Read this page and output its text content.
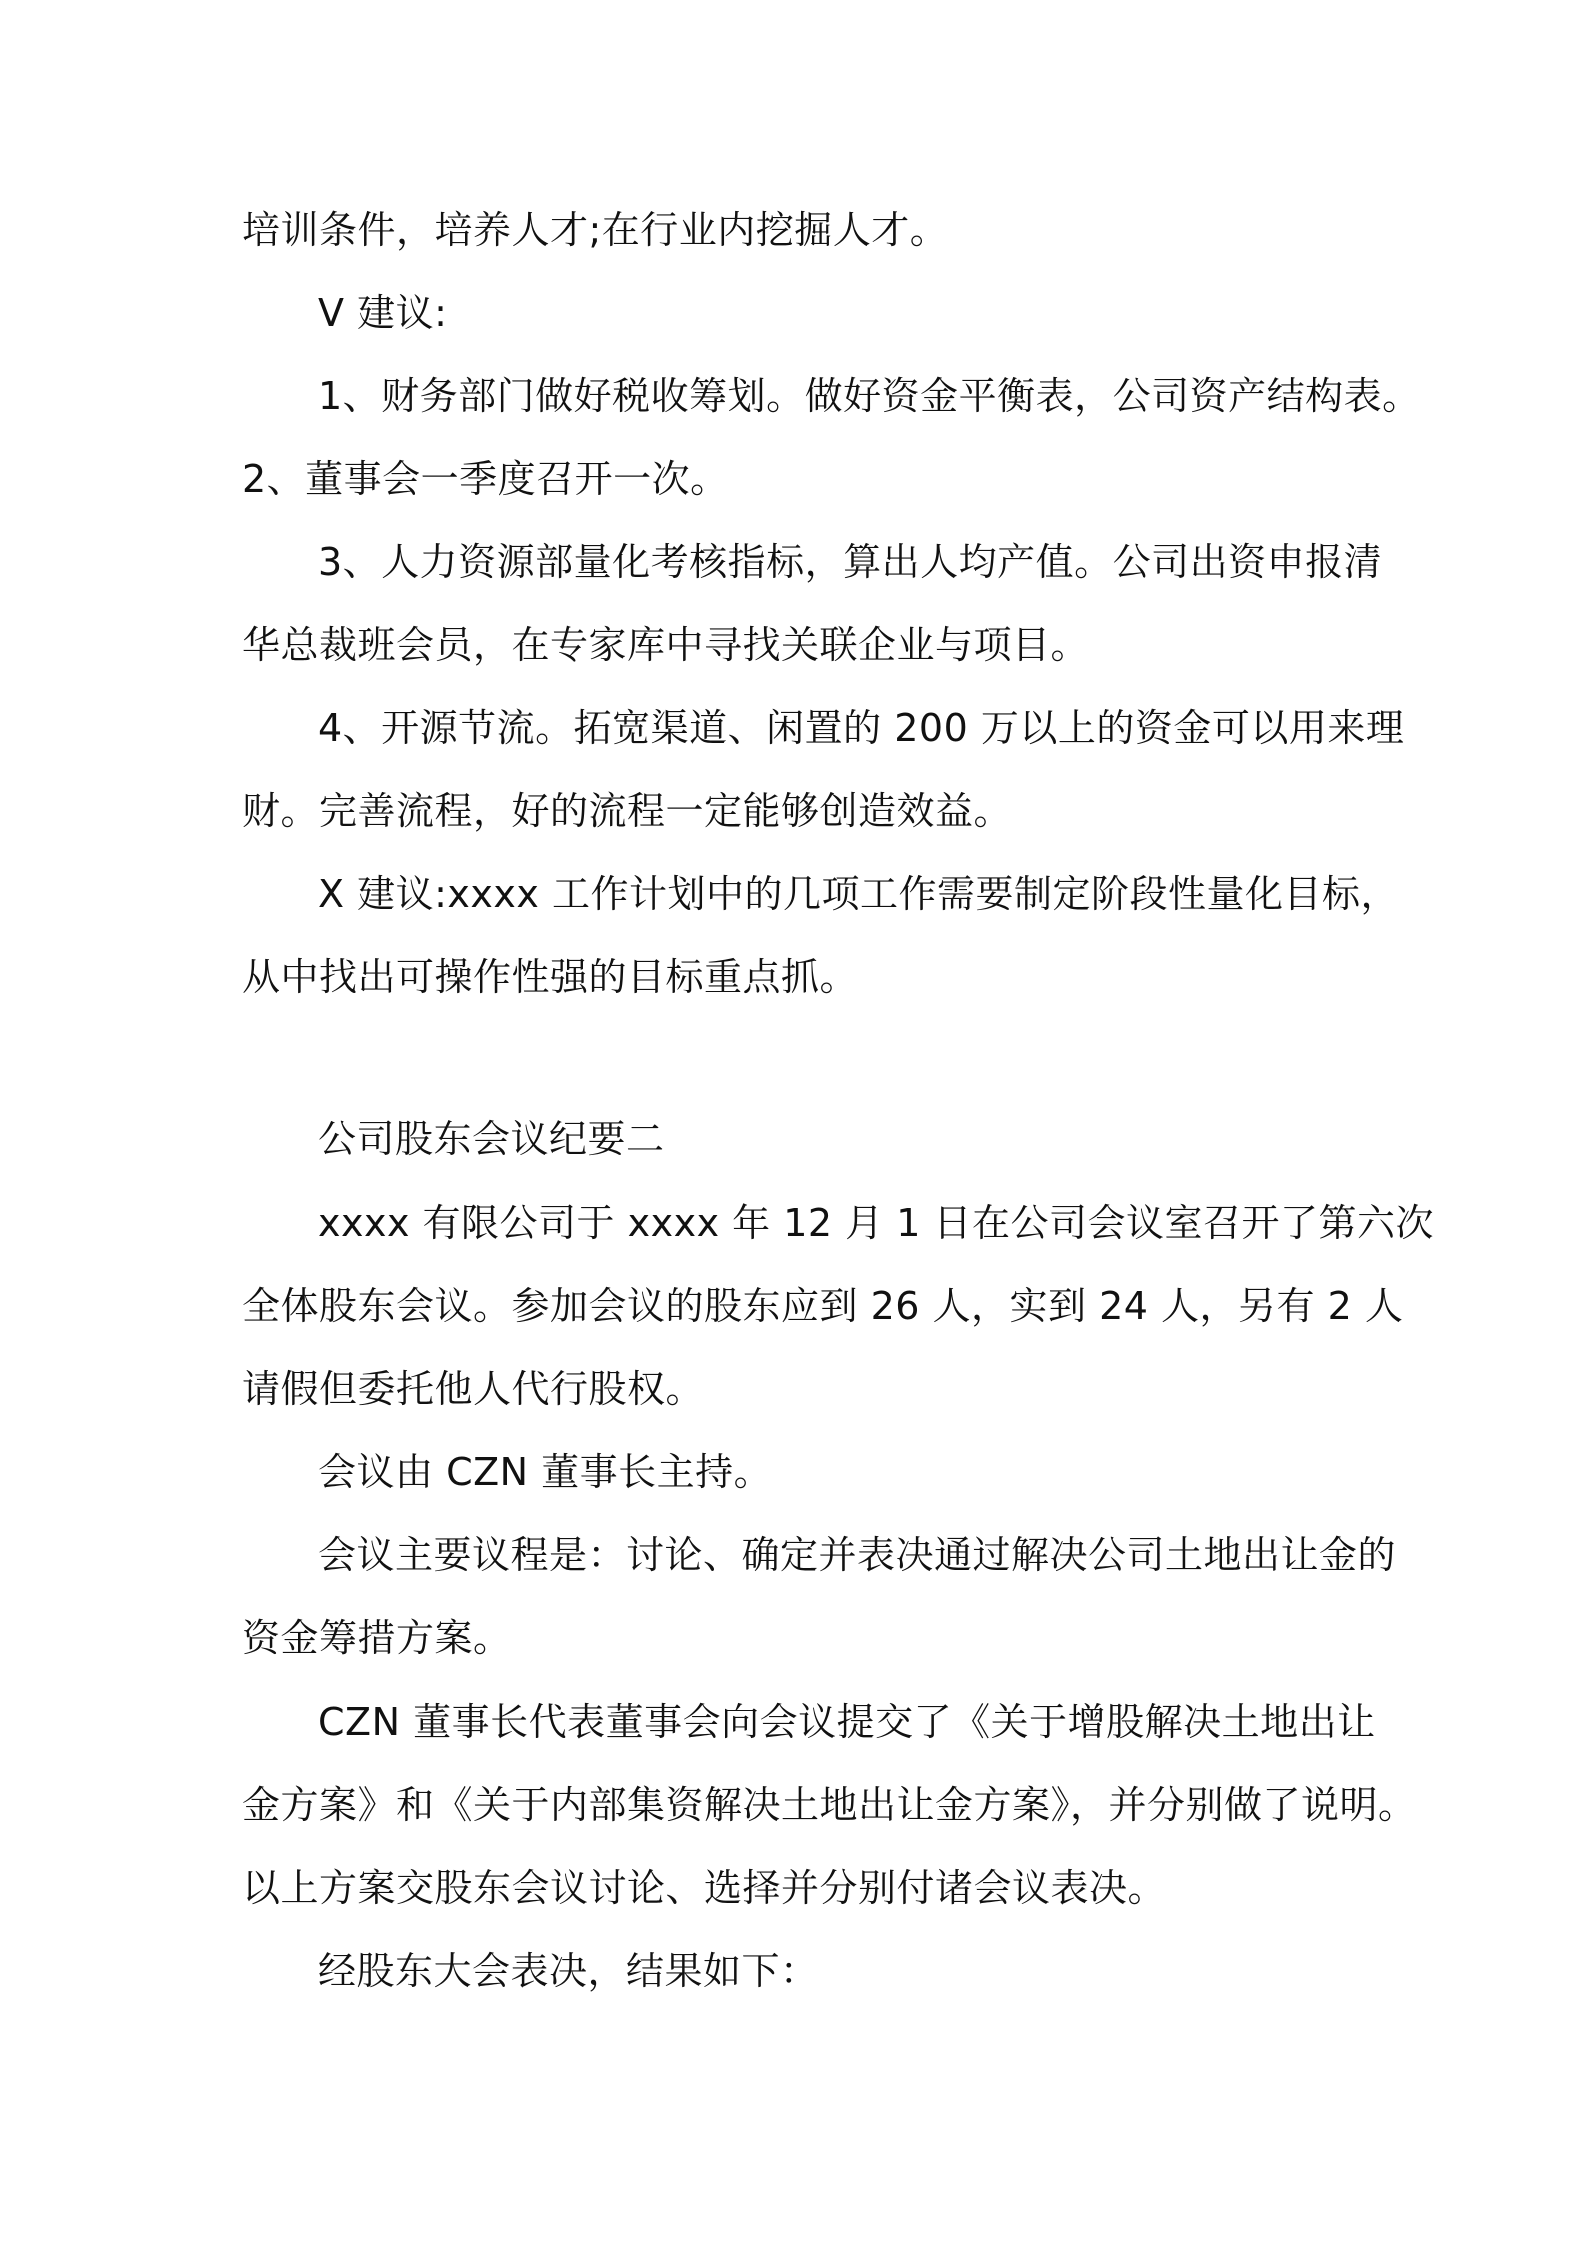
培训条件，培养人才;在行业内挖掘人才。
V 建议:
1、财务部门做好税收筹划。做好资金平衡表，公司资产结构表。
2、董事会一季度召开一次。
3、人力资源部量化考核指标，算出人均产值。公司出资申报清
华总裁班会员，在专家库中寻找关联企业与项目。
4、开源节流。拓宽渠道、闲置的 200 万以上的资金可以用来理
财。完善流程，好的流程一定能够创造效益。
X 建议:xxxx 工作计划中的几项工作需要制定阶段性量化目标，
从中找出可操作性强的目标重点抓。
公司股东会议纪要二
xxxx 有限公司于 xxxx 年 12 月 1 日在公司会议室召开了第六次
全体股东会议。参加会议的股东应到 26 人，实到 24 人，另有 2 人
请假但委托他人代行股权。
会议由 CZN 董事长主持。
会议主要议程是：讨论、确定并表决通过解决公司土地出让金的
资金筹措方案。
CZN 董事长代表董事会向会议提交了《关于增股解决土地出让
金方案》和《关于内部集资解决土地出让金方案》，并分别做了说明。
以上方案交股东会议讨论、选择并分别付诸会议表决。
经股东大会表决，结果如下：
